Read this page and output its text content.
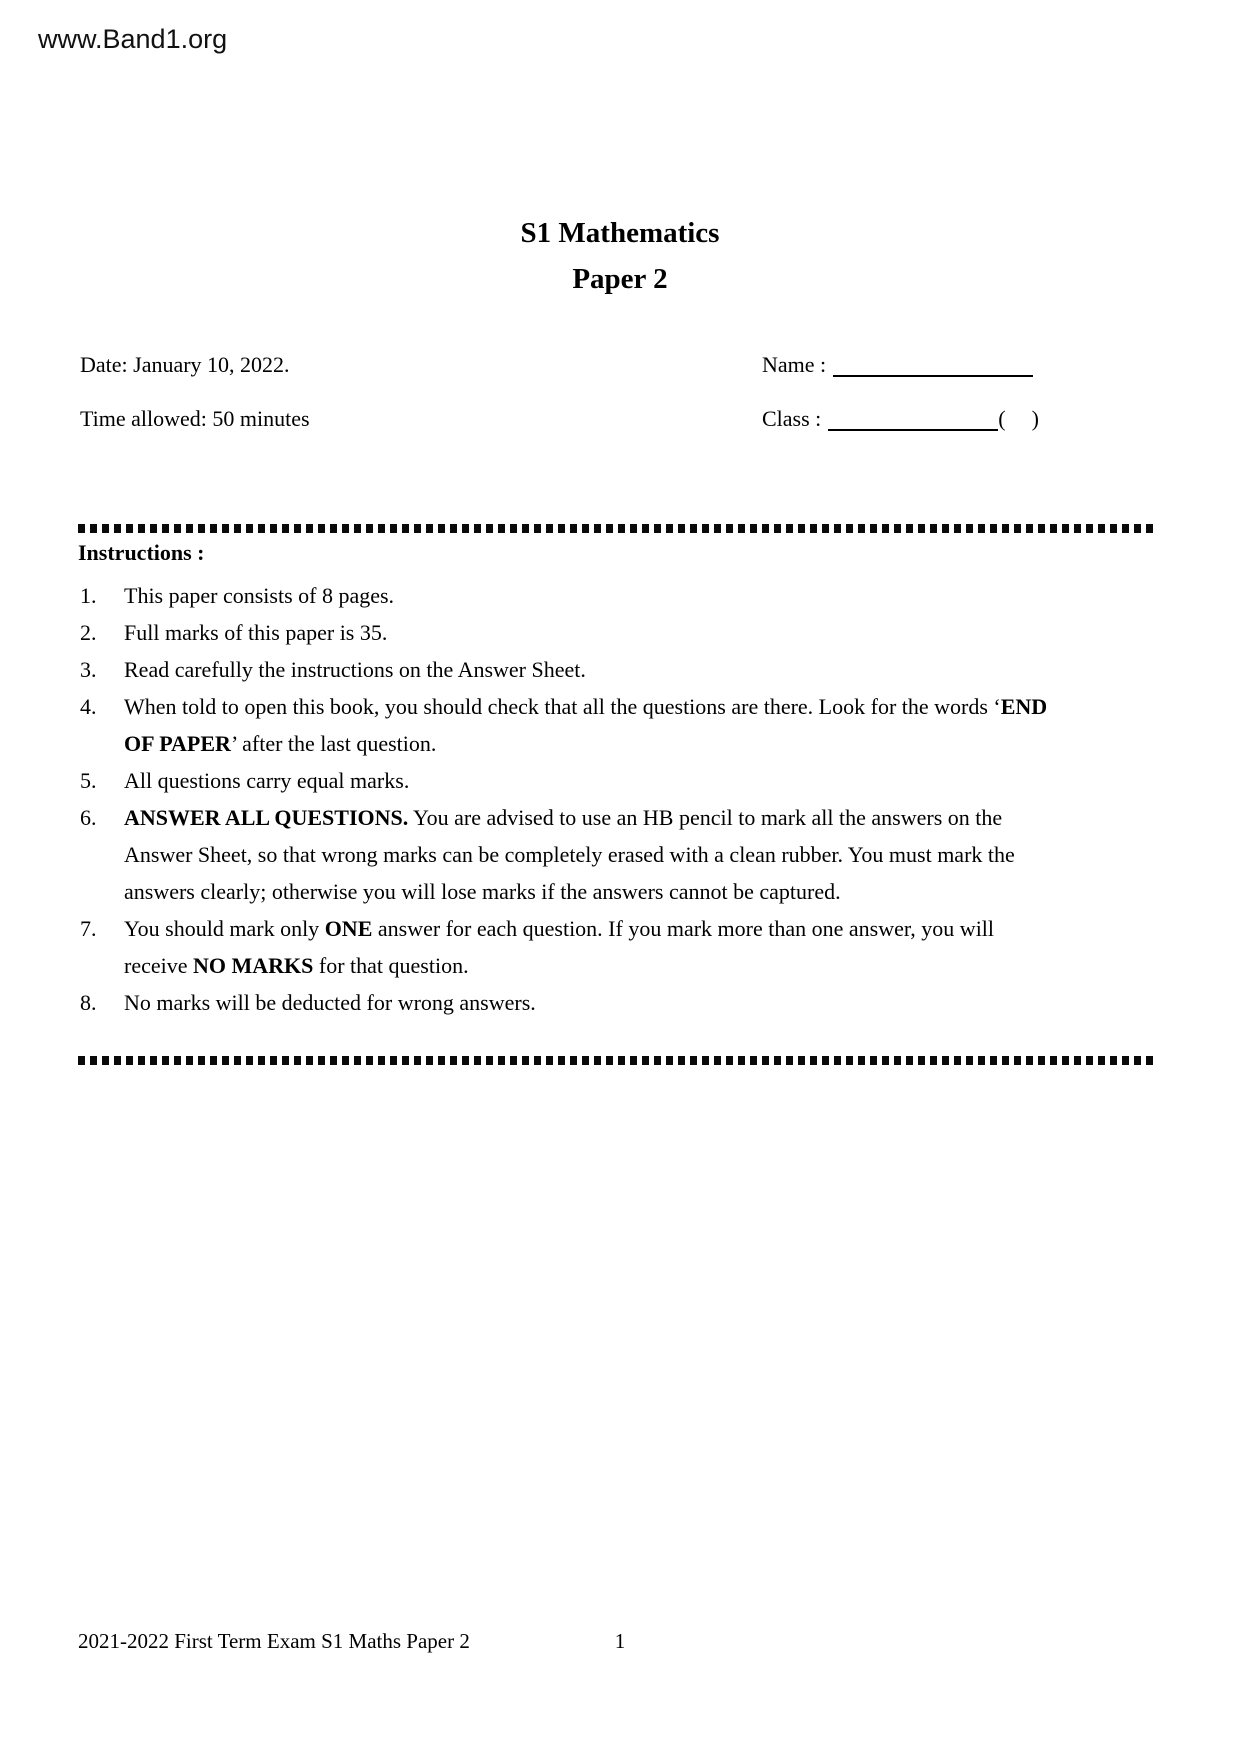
www.Band1.org
S1 Mathematics
Paper 2
Date: January 10, 2022.	Name :
Time allowed: 50 minutes	Class :	( )
Instructions :
1. This paper consists of 8 pages.
2. Full marks of this paper is 35.
3. Read carefully the instructions on the Answer Sheet.
4. When told to open this book, you should check that all the questions are there. Look for the words ‘END OF PAPER’ after the last question.
5. All questions carry equal marks.
6. ANSWER ALL QUESTIONS. You are advised to use an HB pencil to mark all the answers on the Answer Sheet, so that wrong marks can be completely erased with a clean rubber. You must mark the answers clearly; otherwise you will lose marks if the answers cannot be captured.
7. You should mark only ONE answer for each question. If you mark more than one answer, you will receive NO MARKS for that question.
8. No marks will be deducted for wrong answers.
2021-2022 First Term Exam S1 Maths Paper 2	1
